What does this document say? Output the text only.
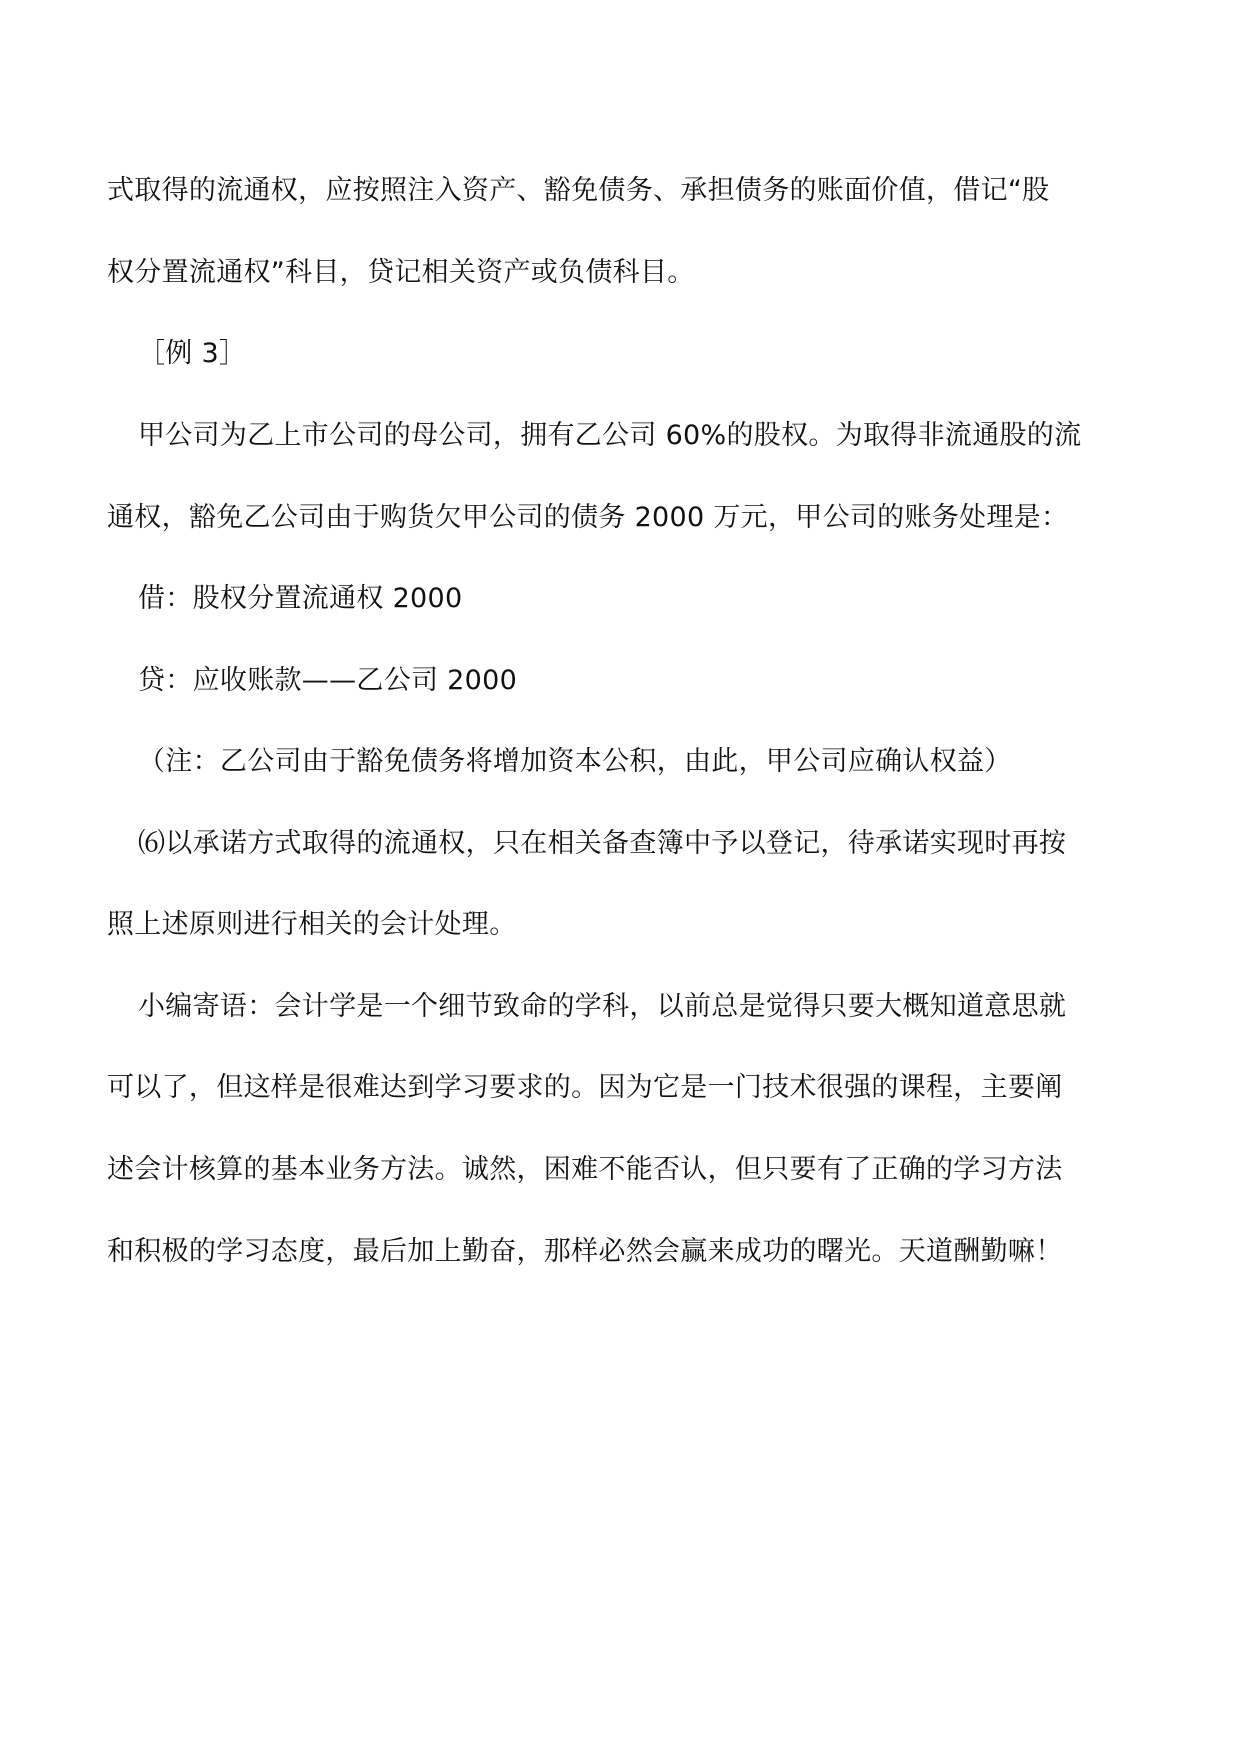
式取得的流通权，应按照注入资产、豁免债务、承担债务的账面价值，借记“股
权分置流通权”科目，贷记相关资产或负债科目。
［例 3］
甲公司为乙上市公司的母公司，拥有乙公司 60%的股权。为取得非流通股的流
通权，豁免乙公司由于购货欠甲公司的债务 2000 万元，甲公司的账务处理是：
借：股权分置流通权 2000
贷：应收账款——乙公司 2000
（注：乙公司由于豁免债务将增加资本公积，由此，甲公司应确认权益）
⑹以承诺方式取得的流通权，只在相关备查簿中予以登记，待承诺实现时再按
照上述原则进行相关的会计处理。
小编寄语：会计学是一个细节致命的学科，以前总是觉得只要大概知道意思就
可以了，但这样是很难达到学习要求的。因为它是一门技术很强的课程，主要阐
述会计核算的基本业务方法。诚然，困难不能否认，但只要有了正确的学习方法
和积极的学习态度，最后加上勤奋，那样必然会赢来成功的曙光。天道酬勤嘛！
